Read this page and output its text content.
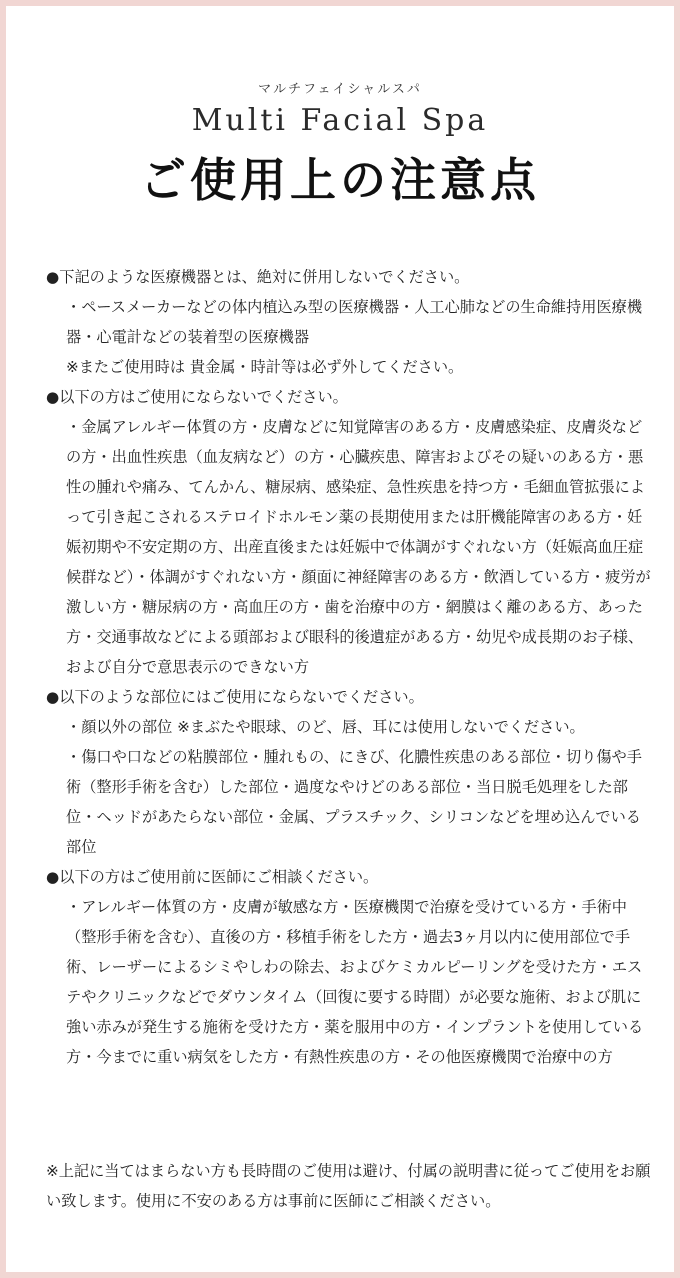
マルチフェイシャルスパ
Multi Facial Spa
ご使用上の注意点
●下記のような医療機器とは、絶対に併用しないでください。
・ペースメーカーなどの体内植込み型の医療機器・人工心肺などの生命維持用医療機器・心電計などの装着型の医療機器
※またご使用時は 貴金属・時計等は必ず外してください。
●以下の方はご使用にならないでください。
・金属アレルギー体質の方・皮膚などに知覚障害のある方・皮膚感染症、皮膚炎などの方・出血性疾患（血友病など）の方・心臓疾患、障害およびその疑いのある方・悪性の腫れや痛み、てんかん、糖尿病、感染症、急性疾患を持つ方・毛細血管拡張によって引き起こされるステロイドホルモン薬の長期使用または肝機能障害のある方・妊娠初期や不安定期の方、出産直後または妊娠中で体調がすぐれない方（妊娠高血圧症候群など）・体調がすぐれない方・顔面に神経障害のある方・飲酒している方・疲労が激しい方・糖尿病の方・高血圧の方・歯を治療中の方・網膜はく離のある方、あった方・交通事故などによる頭部および眼科的後遺症がある方・幼児や成長期のお子様、および自分で意思表示のできない方
●以下のような部位にはご使用にならないでください。
・顔以外の部位 ※まぶたや眼球、のど、唇、耳には使用しないでください。
・傷口や口などの粘膜部位・腫れもの、にきび、化膿性疾患のある部位・切り傷や手術（整形手術を含む）した部位・過度なやけどのある部位・当日脱毛処理をした部位・ヘッドがあたらない部位・金属、プラスチック、シリコンなどを埋め込んでいる部位
●以下の方はご使用前に医師にご相談ください。
・アレルギー体質の方・皮膚が敏感な方・医療機関で治療を受けている方・手術中（整形手術を含む）、直後の方・移植手術をした方・過去3ヶ月以内に使用部位で手術、レーザーによるシミやしわの除去、およびケミカルピーリングを受けた方・エステやクリニックなどでダウンタイム（回復に要する時間）が必要な施術、および肌に強い赤みが発生する施術を受けた方・薬を服用中の方・インプラントを使用している方・今までに重い病気をした方・有熱性疾患の方・その他医療機関で治療中の方
※上記に当てはまらない方も長時間のご使用は避け、付属の説明書に従ってご使用をお願い致します。使用に不安のある方は事前に医師にご相談ください。
